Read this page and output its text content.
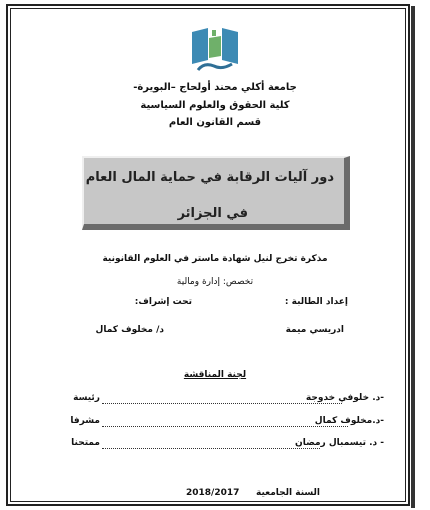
جامعة أكلي محند أولحاج –البويرة-
كلية الحقوق والعلوم السياسية
قسم القانون العام
دور آليات الرقابة في حماية المال العام
في الجزائر
مذكرة تخرج لنيل شهادة ماستر في العلوم القانونية
تخصص: إدارة ومالية
إعداد الطالبة :
تحت إشراف:
ادريسي ميمة
د/ مخلوف كمال
لجنة المناقشة
-د. خلوفي خدوجة
رئيسة
-د.مخلوف كمال
مشرفا
- د. تيسمبال رمضان
ممتحنا
2018/2017 السنة الجامعية
